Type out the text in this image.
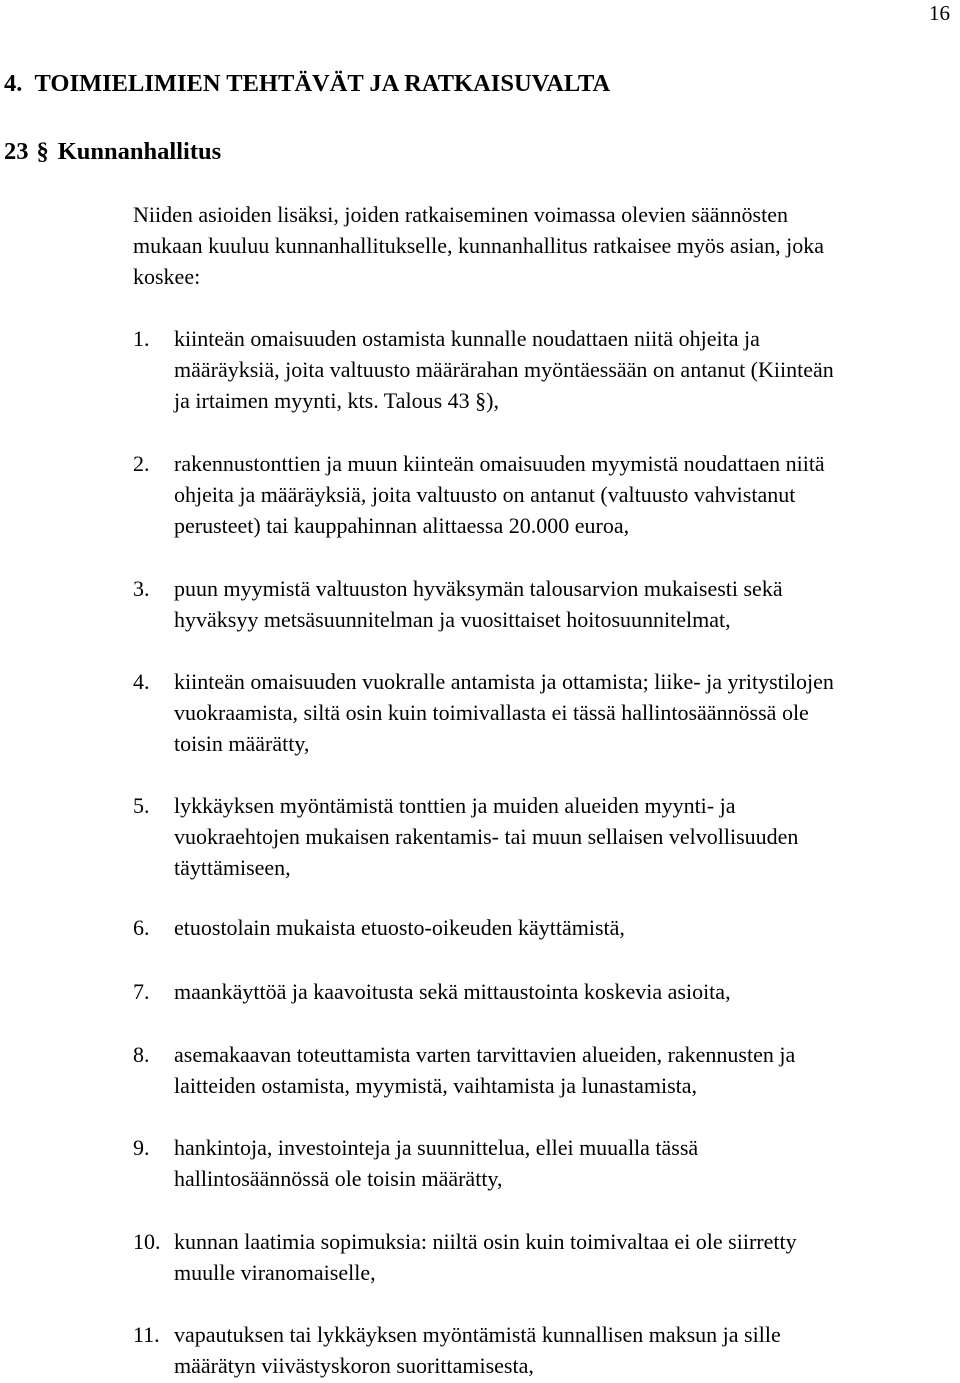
16
4. TOIMIELIMIEN TEHTÄVÄT JA RATKAISUVALTA
23 § Kunnanhallitus
Niiden asioiden lisäksi, joiden ratkaiseminen voimassa olevien säännösten
mukaan kuuluu kunnanhallitukselle, kunnanhallitus ratkaisee myös asian, joka
koskee:
1. kiinteän omaisuuden ostamista kunnalle noudattaen niitä ohjeita ja
määräyksiä, joita valtuusto määrärahan myöntäessään on antanut (Kiinteän
ja irtaimen myynti, kts. Talous 43 §),
2. rakennustonttien ja muun kiinteän omaisuuden myymistä noudattaen niitä
ohjeita ja määräyksiä, joita valtuusto on antanut (valtuusto vahvistanut
perusteet) tai kauppahinnan alittaessa 20.000 euroa,
3. puun myymistä valtuuston hyväksymän talousarvion mukaisesti sekä
hyväksyy metsäsuunnitelman ja vuosittaiset hoitosuunnitelmat,
4. kiinteän omaisuuden vuokralle antamista ja ottamista; liike- ja yritystilojen
vuokraamista, siltä osin kuin toimivallasta ei tässä hallintosäännössä ole
toisin määrätty,
5. lykkäyksen myöntämistä tonttien ja muiden alueiden myynti- ja
vuokraehtojen mukaisen rakentamis- tai muun sellaisen velvollisuuden
täyttämiseen,
6. etuostolain mukaista etuosto-oikeuden käyttämistä,
7. maankäyttöä ja kaavoitusta sekä mittaustointa koskevia asioita,
8. asemakaavan toteuttamista varten tarvittavien alueiden, rakennusten ja
laitteiden ostamista, myymistä, vaihtamista ja lunastamista,
9. hankintoja, investointeja ja suunnittelua, ellei muualla tässä
hallintosäännössä ole toisin määrätty,
10. kunnan laatimia sopimuksia: niiltä osin kuin toimivaltaa ei ole siirretty
muulle viranomaiselle,
11. vapautuksen tai lykkäyksen myöntämistä kunnallisen maksun ja sille
määrätyn viivästyskoron suorittamisesta,
